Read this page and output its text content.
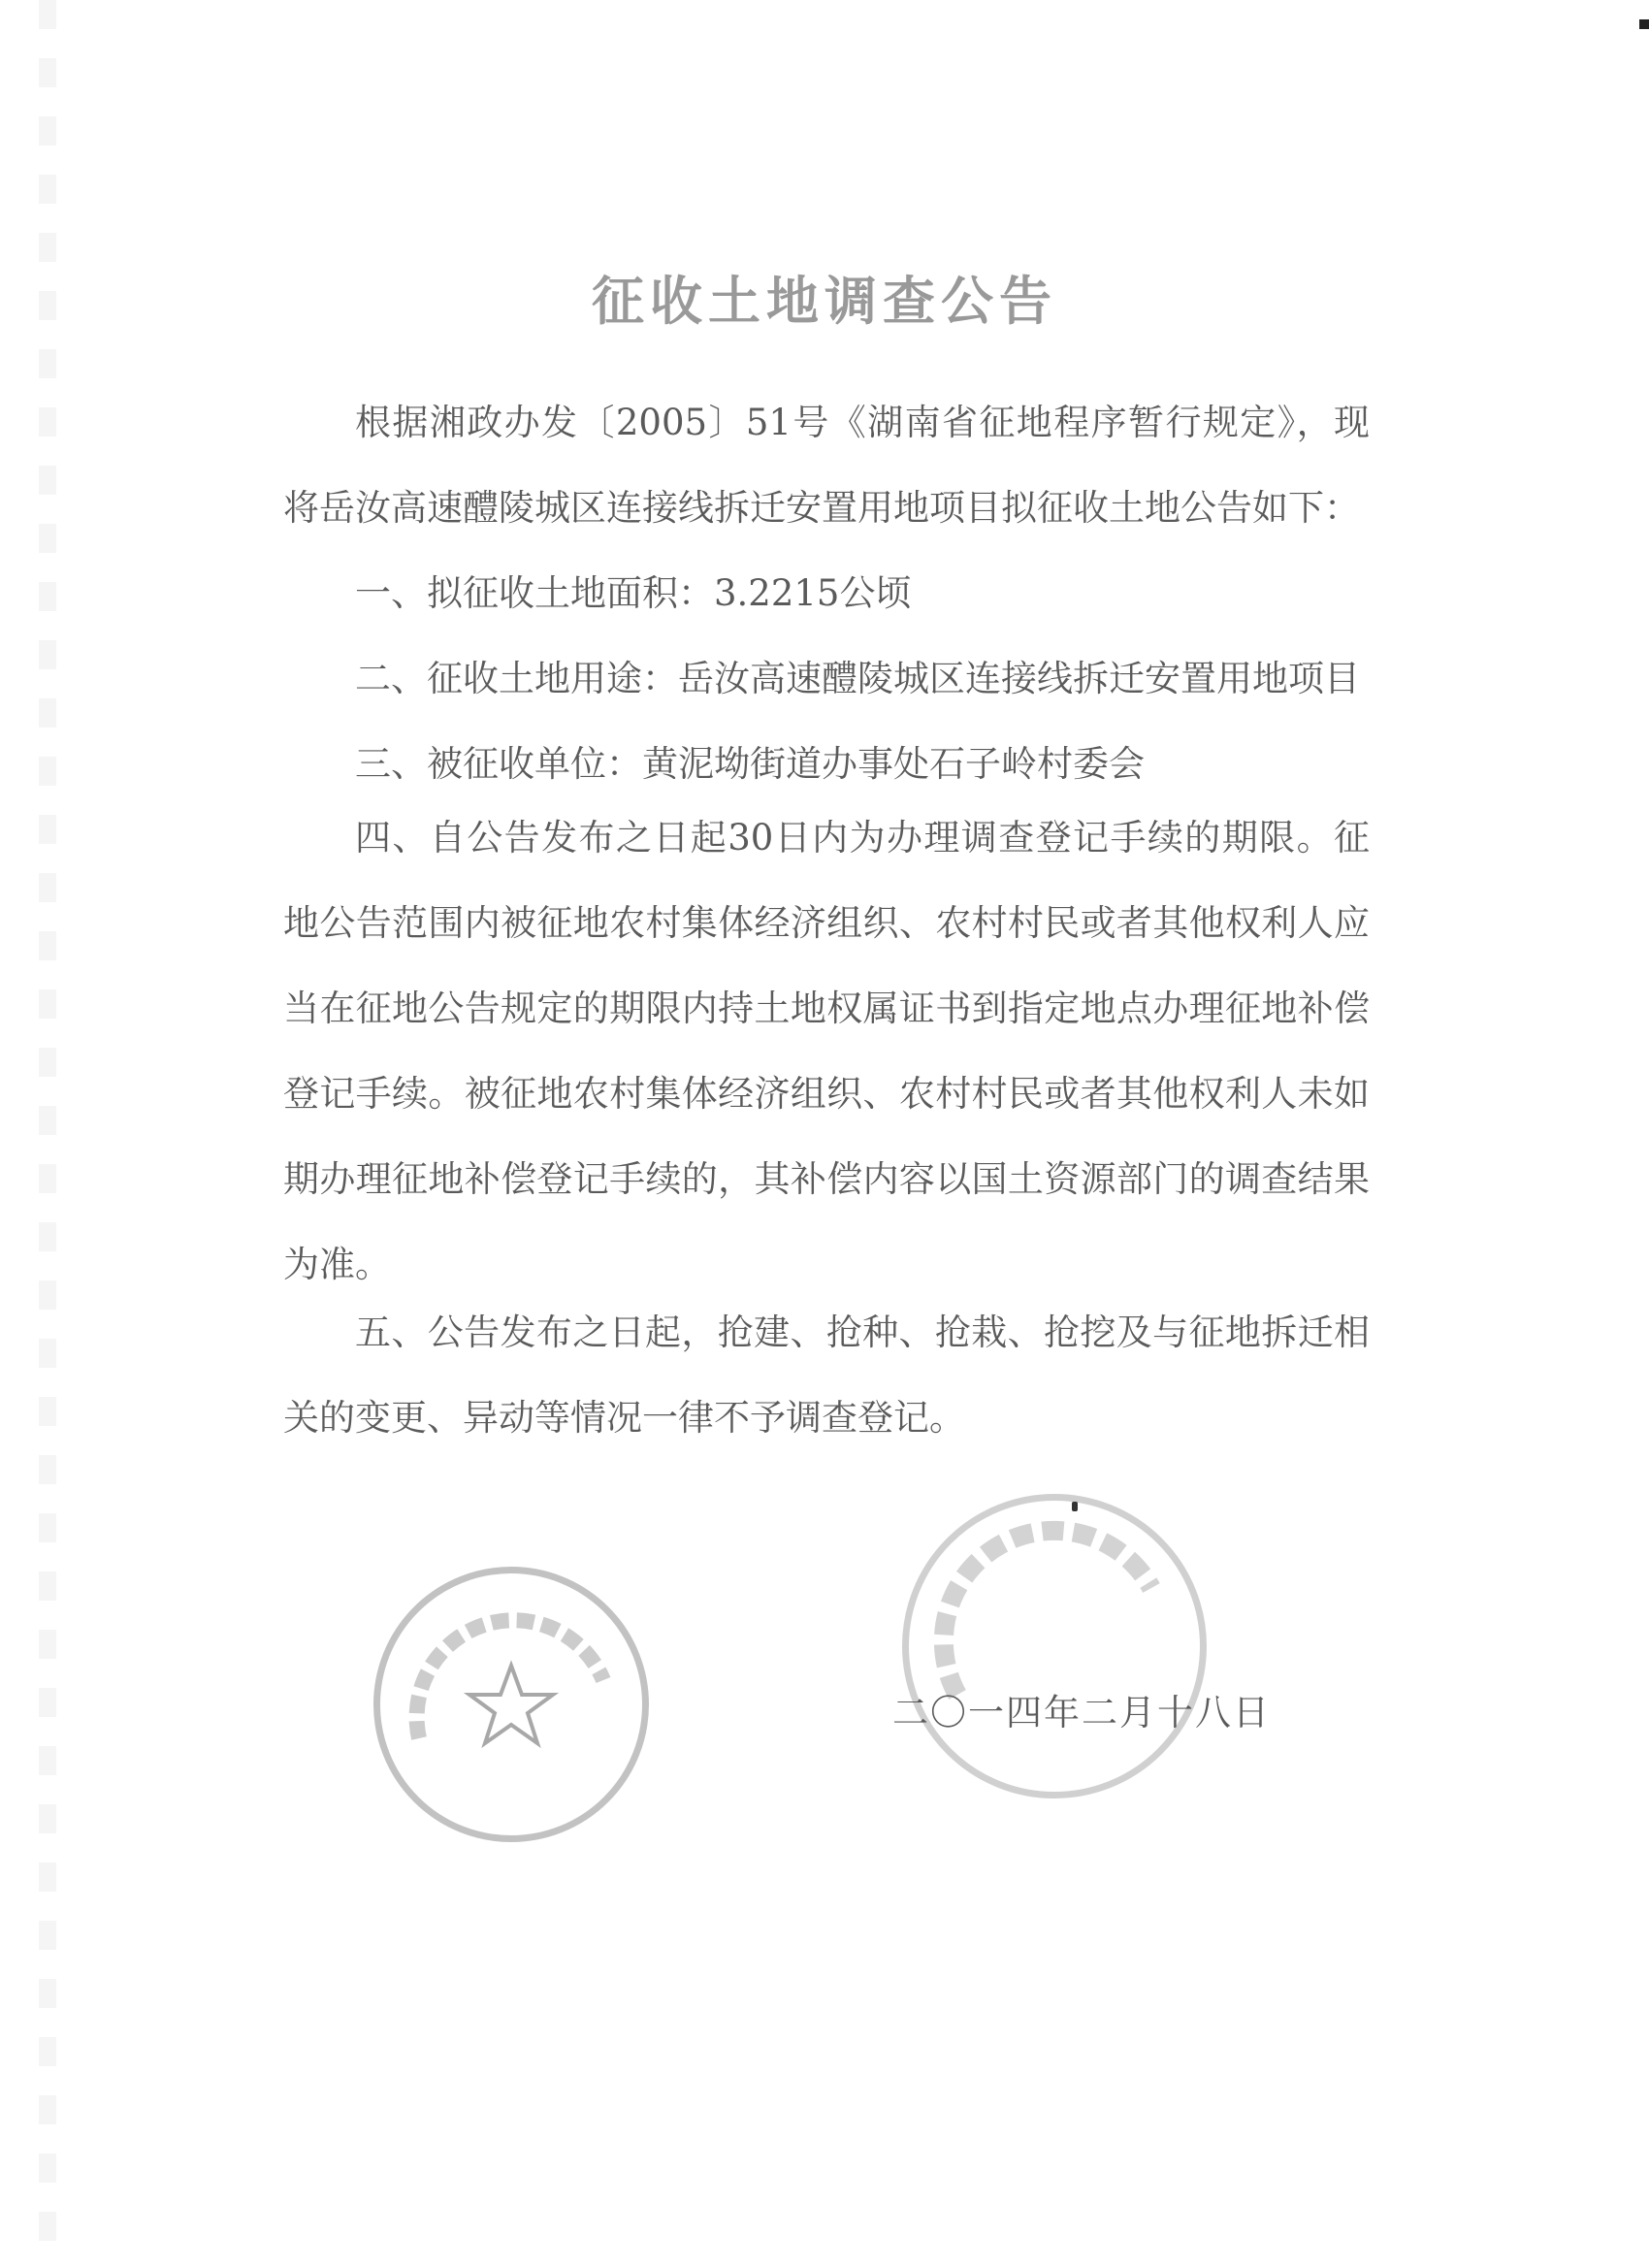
征收土地调查公告
根据湘政办发〔2005〕51号《湖南省征地程序暂行规定》，现将岳汝高速醴陵城区连接线拆迁安置用地项目拟征收土地公告如下：
一、拟征收土地面积：3.2215公顷
二、征收土地用途：岳汝高速醴陵城区连接线拆迁安置用地项目
三、被征收单位：黄泥坳街道办事处石子岭村委会
四、自公告发布之日起30日内为办理调查登记手续的期限。征地公告范围内被征地农村集体经济组织、农村村民或者其他权利人应当在征地公告规定的期限内持土地权属证书到指定地点办理征地补偿登记手续。被征地农村集体经济组织、农村村民或者其他权利人未如期办理征地补偿登记手续的，其补偿内容以国土资源部门的调查结果为准。
五、公告发布之日起，抢建、抢种、抢栽、抢挖及与征地拆迁相关的变更、异动等情况一律不予调查登记。
二〇一四年二月十八日
